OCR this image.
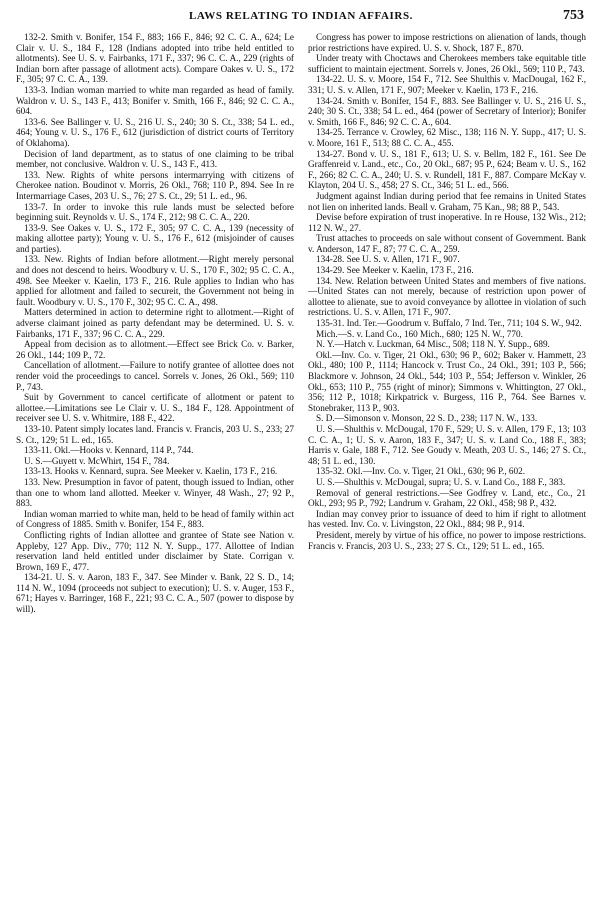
LAWS RELATING TO INDIAN AFFAIRS.	753

132-2. Smith v. Bonifer, 154 F., 883; 166 F., 846; 92 C. C. A., 624; Le Clair v. U. S., 184 F., 128 (Indians adopted into tribe held entitled to allotments). See U. S. v. Fairbanks, 171 F., 337; 96 C. C. A., 229 (rights of Indian born after passage of allotment acts). Compare Oakes v. U. S., 172 F., 305; 97 C. C. A., 139.

133-3. Indian woman married to white man regarded as head of family. Waldron v. U. S., 143 F., 413; Bonifer v. Smith, 166 F., 846; 92 C. C. A., 604.

133-6. See Ballinger v. U. S., 216 U. S., 240; 30 S. Ct., 338; 54 L. ed., 464; Young v. U. S., 176 F., 612 (jurisdiction of district courts of Territory of Oklahoma).

Decision of land department, as to status of one claiming to be tribal member, not conclusive. Waldron v. U. S., 143 F., 413.

133. New. Rights of white persons intermarrying with citizens of Cherokee nation. Boudinot v. Morris, 26 Okl., 768; 110 P., 894. See In re Intermarriage Cases, 203 U. S., 76; 27 S. Ct., 29; 51 L. ed., 96.

133-7. In order to invoke this rule lands must be selected before beginning suit. Reynolds v. U. S., 174 F., 212; 98 C. C. A., 220.

133-9. See Oakes v. U. S., 172 F., 305; 97 C. C. A., 139 (necessity of making allottee party); Young v. U. S., 176 F., 612 (misjoinder of causes and parties).

133. New. Rights of Indian before allotment.—Right merely personal and does not descend to heirs. Woodbury v. U. S., 170 F., 302; 95 C. C. A., 498. See Meeker v. Kaelin, 173 F., 216. Rule applies to Indian who has applied for allotment and failed to secureit, the Government not being in fault. Woodbury v. U. S., 170 F., 302; 95 C. C. A., 498.

Matters determined in action to determine right to allotment.—Right of adverse claimant joined as party defendant may be determined. U. S. v. Fairbanks, 171 F., 337; 96 C. C. A., 229.

Appeal from decision as to allotment.—Effect see Brick Co. v. Barker, 26 Okl., 144; 109 P., 72.

Cancellation of allotment.—Failure to notify grantee of allottee does not render void the proceedings to cancel. Sorrels v. Jones, 26 Okl., 569; 110 P., 743.

Suit by Government to cancel certificate of allotment or patent to allottee.—Limitations see Le Clair v. U. S., 184 F., 128. Appointment of receiver see U. S. v. Whitmire, 188 F., 422.

133-10. Patent simply locates land. Francis v. Francis, 203 U. S., 233; 27 S. Ct., 129; 51 L. ed., 165.

133-11. Okl.—Hooks v. Kennard, 114 P., 744.

U. S.—Guyett v. McWhirt, 154 F., 784.

133-13. Hooks v. Kennard, supra. See Meeker v. Kaelin, 173 F., 216.

133. New. Presumption in favor of patent, though issued to Indian, other than one to whom land allotted. Meeker v. Winyer, 48 Wash., 27; 92 P., 883.

Indian woman married to white man, held to be head of family within act of Congress of 1885. Smith v. Bonifer, 154 F., 883.

Conflicting rights of Indian allottee and grantee of State see Nation v. Appleby, 127 App. Div., 770; 112 N. Y. Supp., 177. Allottee of Indian reservation land held entitled under disclaimer by State. Corrigan v. Brown, 169 F., 477.

134-21. U. S. v. Aaron, 183 F., 347. See Minder v. Bank, 22 S. D., 14; 114 N. W., 1094 (proceeds not subject to execution); U. S. v. Auger, 153 F., 671; Hayes v. Barringer, 168 F., 221; 93 C. C. A., 507 (power to dispose by will).

Congress has power to impose restrictions on alienation of lands, though prior restrictions have expired. U. S. v. Shock, 187 F., 870.

Under treaty with Choctaws and Cherokees members take equitable title sufficient to maintain ejectment. Sorrels v. Jones, 26 Okl., 569; 110 P., 743.

134-22. U. S. v. Moore, 154 F., 712. See Shulthis v. MacDougal, 162 F., 331; U. S. v. Allen, 171 F., 907; Meeker v. Kaelin, 173 F., 216.

134-24. Smith v. Bonifer, 154 F., 883. See Ballinger v. U. S., 216 U. S., 240; 30 S. Ct., 338; 54 L. ed., 464 (power of Secretary of Interior); Bonifer v. Smith, 166 F., 846; 92 C. C. A., 604.

134-25. Terrance v. Crowley, 62 Misc., 138; 116 N. Y. Supp., 417; U. S. v. Moore, 161 F., 513; 88 C. C. A., 455.

134-27. Bond v. U. S., 181 F., 613; U. S. v. Bellm, 182 F., 161. See De Graffenreid v. Land., etc., Co., 20 Okl., 687; 95 P., 624; Beam v. U. S., 162 F., 266; 82 C. C. A., 240; U. S. v. Rundell, 181 F., 887. Compare McKay v. Klayton, 204 U. S., 458; 27 S. Ct., 346; 51 L. ed., 566.

Judgment against Indian during period that fee remains in United States not lien on inherited lands. Beall v. Graham, 75 Kan., 98; 88 P., 543.

Devise before expiration of trust inoperative. In re House, 132 Wis., 212; 112 N. W., 27.

Trust attaches to proceeds on sale without consent of Government. Bank v. Anderson, 147 F., 87; 77 C. C. A., 259.

134-28. See U. S. v. Allen, 171 F., 907.

134-29. See Meeker v. Kaelin, 173 F., 216.

134. New. Relation between United States and members of five nations.—United States can not merely, because of restriction upon power of allottee to alienate, sue to avoid conveyance by allottee in violation of such restrictions. U. S. v. Allen, 171 F., 907.

135-31. Ind. Ter.—Goodrum v. Buffalo, 7 Ind. Ter., 711; 104 S. W., 942.

Mich.—S. v. Land Co., 160 Mich., 680; 125 N. W., 770.

N. Y.—Hatch v. Luckman, 64 Misc., 508; 118 N. Y. Supp., 689.

Okl.—Inv. Co. v. Tiger, 21 Okl., 630; 96 P., 602; Baker v. Hammett, 23 Okl., 480; 100 P., 1114; Hancock v. Trust Co., 24 Okl., 391; 103 P., 566; Blackmore v. Johnson, 24 Okl., 544; 103 P., 554; Jefferson v. Winkler, 26 Okl., 653; 110 P., 755 (right of minor); Simmons v. Whittington, 27 Okl., 356; 112 P., 1018; Kirkpatrick v. Burgess, 116 P., 764. See Barnes v. Stonebraker, 113 P., 903.

S. D.—Simonson v. Monson, 22 S. D., 238; 117 N. W., 133.

U. S.—Shulthis v. McDougal, 170 F., 529; U. S. v. Allen, 179 F., 13; 103 C. C. A., 1; U. S. v. Aaron, 183 F., 347; U. S. v. Land Co., 188 F., 383; Harris v. Gale, 188 F., 712. See Goudy v. Meath, 203 U. S., 146; 27 S. Ct., 48; 51 L. ed., 130.

135-32. Okl.—Inv. Co. v. Tiger, 21 Okl., 630; 96 P., 602.

U. S.—Shulthis v. McDougal, supra; U. S. v. Land Co., 188 F., 383.

Removal of general restrictions.—See Godfrey v. Land, etc., Co., 21 Okl., 293; 95 P., 792; Landrum v. Graham, 22 Okl., 458; 98 P., 432.

Indian may convey prior to issuance of deed to him if right to allotment has vested. Inv. Co. v. Livingston, 22 Okl., 884; 98 P., 914.

President, merely by virtue of his office, no power to impose restrictions. Francis v. Francis, 203 U. S., 233; 27 S. Ct., 129; 51 L. ed., 165.
